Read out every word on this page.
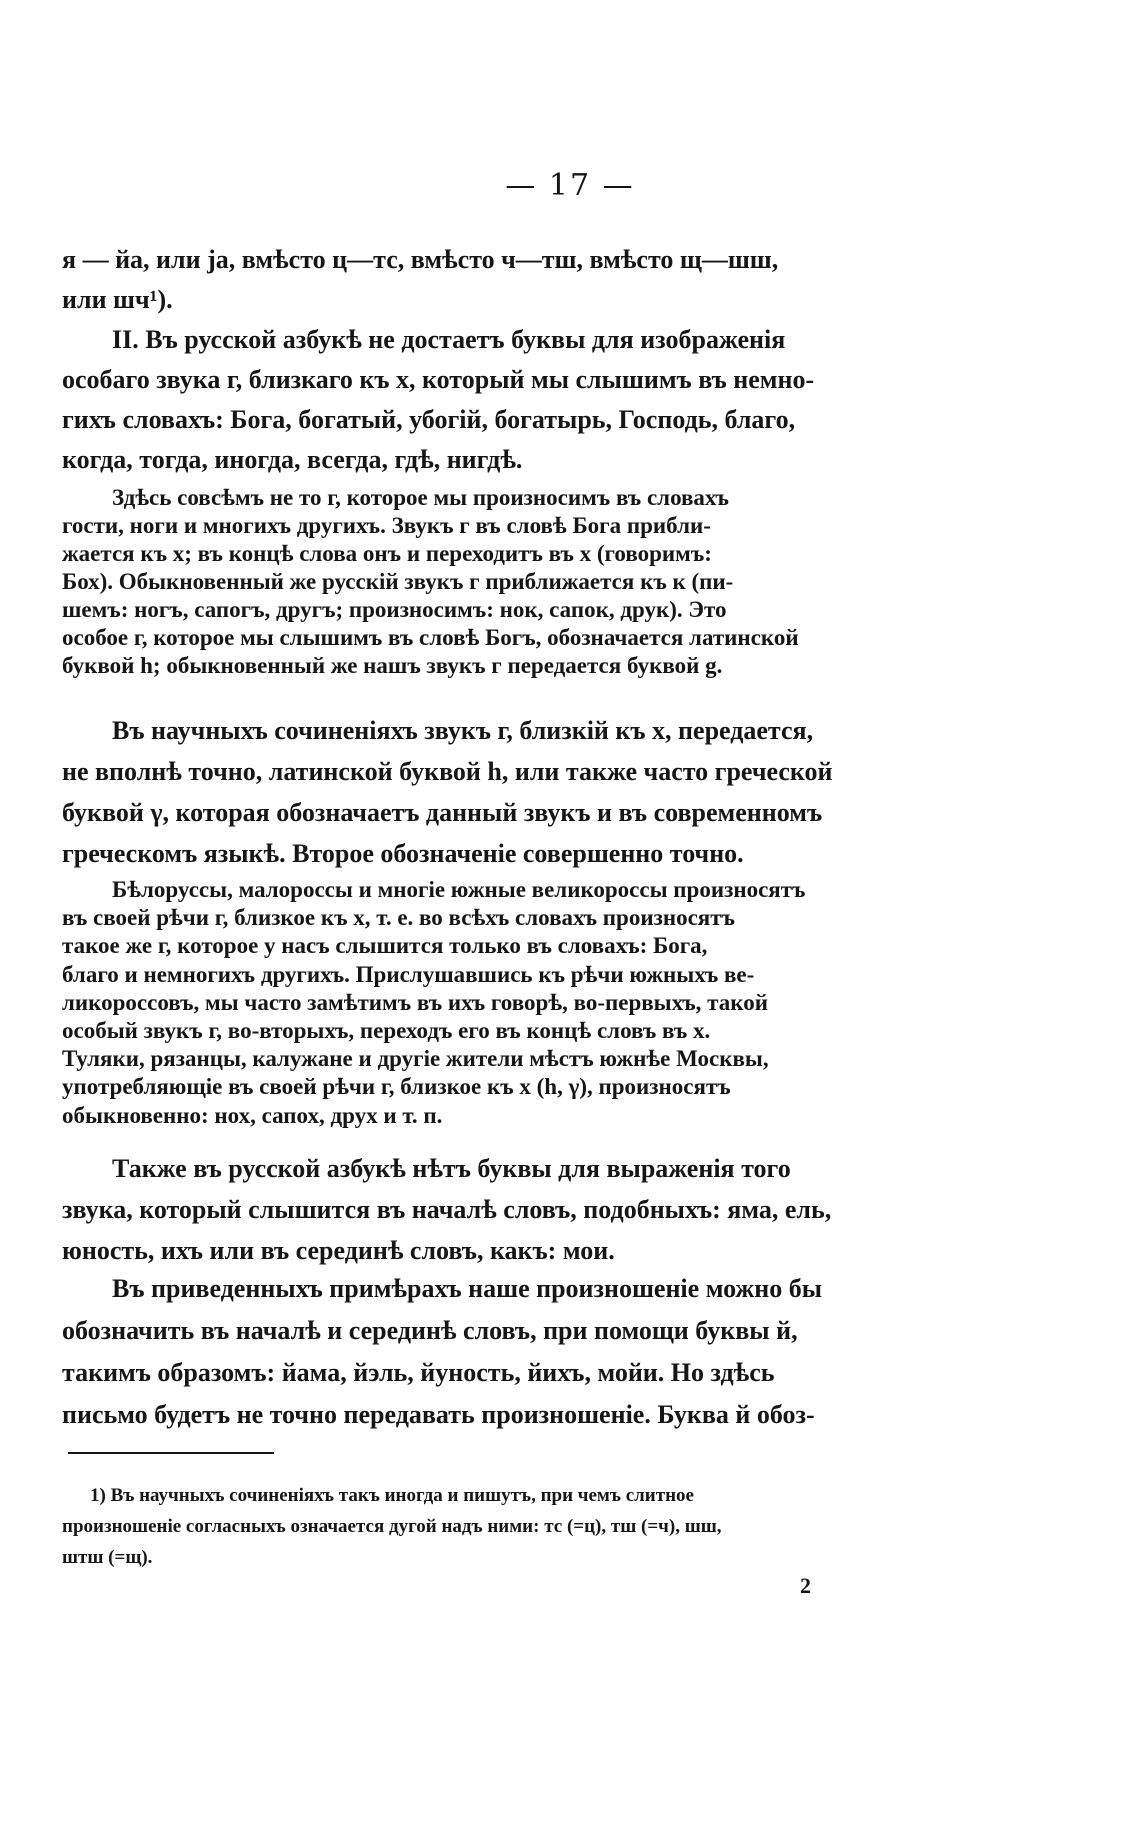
— 17 —

я — йа, или ја, вмѣсто ц—тс, вмѣсто ч—тш, вмѣсто щ—шш,

или шч¹).

II. Въ русской азбукѣ не достаетъ буквы для изображенія

особаго звука г, близкаго къ х, который мы слышимъ въ немно-

гихъ словахъ: Бога, богатый, убогій, богатырь, Господь, благо,

когда, тогда, иногда, всегда, гдѣ, нигдѣ.

Здѣсь совсѣмъ не то г, которое мы произносимъ въ словахъ

гости, ноги и многихъ другихъ. Звукъ г въ словѣ Бога прибли-

жается къ х; въ концѣ слова онъ и переходитъ въ х (говоримъ:

Бох). Обыкновенный же русскій звукъ г приближается къ к (пи-

шемъ: ногъ, сапогъ, другъ; произносимъ: нок, сапок, друк). Это

особое г, которое мы слышимъ въ словѣ Богъ, обозначается латинской

буквой h; обыкновенный же нашъ звукъ г передается буквой g.

Въ научныхъ сочиненіяхъ звукъ г, близкій къ х, передается,

не вполнѣ точно, латинской буквой h, или также часто греческой

буквой γ, которая обозначаетъ данный звукъ и въ современномъ

греческомъ языкѣ. Второе обозначеніе совершенно точно.

Бѣлоруссы, малороссы и многіе южные великороссы произносятъ

въ своей рѣчи г, близкое къ х, т. е. во всѣхъ словахъ произносятъ

такое же г, которое у насъ слышится только въ словахъ: Бога,

благо и немногихъ другихъ. Прислушавшись къ рѣчи южныхъ ве-

ликороссовъ, мы часто замѣтимъ въ ихъ говорѣ, во-первыхъ, такой

особый звукъ г, во-вторыхъ, переходъ его въ концѣ словъ въ х.

Туляки, рязанцы, калужане и другіе жители мѣстъ южнѣе Москвы,

употребляющіе въ своей рѣчи г, близкое къ х (h, γ), произносятъ

обыкновенно: нох, сапох, друх и т. п.

Также въ русской азбукѣ нѣтъ буквы для выраженія того

звука, который слышится въ началѣ словъ, подобныхъ: яма, ель,

юность, ихъ или въ серединѣ словъ, какъ: мои.

Въ приведенныхъ примѣрахъ наше произношеніе можно бы

обозначить въ началѣ и серединѣ словъ, при помощи буквы й,

такимъ образомъ: йама, йэль, йуность, йихъ, мойи. Но здѣсь

письмо будетъ не точно передавать произношеніе. Буква й обоз-

1) Въ научныхъ сочиненіяхъ такъ иногда и пишутъ, при чемъ слитное

произношеніе согласныхъ означается дугой надъ ними: тс (=ц), тш (=ч), шш,

штш (=щ).

2
